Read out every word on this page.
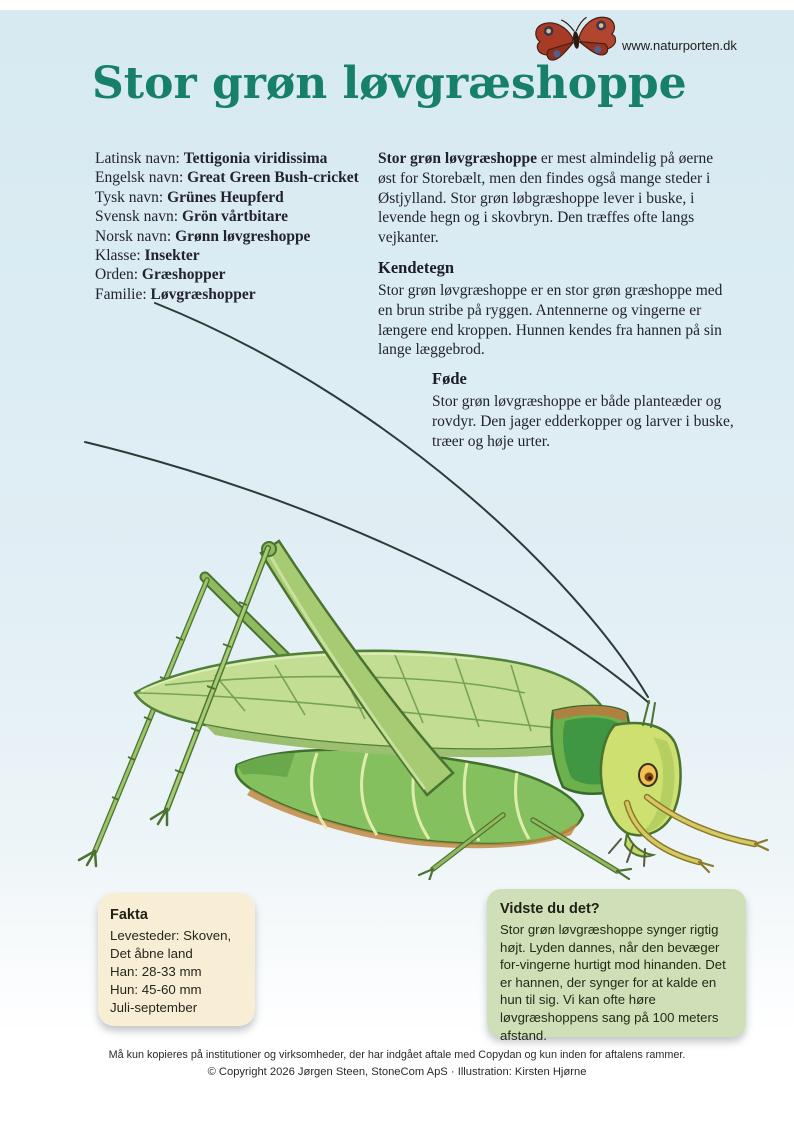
www.naturporten.dk
Stor grøn løvgræshoppe
Latinsk navn: Tettigonia viridissima
Engelsk navn: Great Green Bush-cricket
Tysk navn: Grünes Heupferd
Svensk navn: Grön vårtbitare
Norsk navn: Grønn løvgreshoppe
Klasse: Insekter
Orden: Græshopper
Familie: Løvgræshopper
Stor grøn løvgræshoppe er mest almindelig på øerne øst for Storebælt, men den findes også mange steder i Østjylland. Stor grøn løbgræshoppe lever i buske, i levende hegn og i skovbryn. Den træffes ofte langs vejkanter.
Kendetegn

Stor grøn løvgræshoppe er en stor grøn græshoppe med en brun stribe på ryggen. Antennerne og vingerne er længere end kroppen. Hunnen kendes fra hannen på sin lange læggebrod.

Føde

Stor grøn løvgræshoppe er både planteæder og rovdyr. Den jager edderkopper og larver i buske, træer og høje urter.

Fakta
Levesteder: Skoven,
Det åbne land
Han: 28-33 mm
Hun: 45-60 mm
Juli-september
Vidste du det?

Stor grøn løvgræshoppe synger rigtig højt. Lyden dannes, når den bevæger for-vingerne hurtigt mod hinanden. Det er hannen, der synger for at kalde en hun til sig. Vi kan ofte høre løvgræshoppens sang på 100 meters afstand.

Må kun kopieres på institutioner og virksomheder, der har indgået aftale med Copydan og kun inden for aftalens rammer.

© Copyright 2026 Jørgen Steen, StoneCom ApS · Illustration: Kirsten Hjørne
